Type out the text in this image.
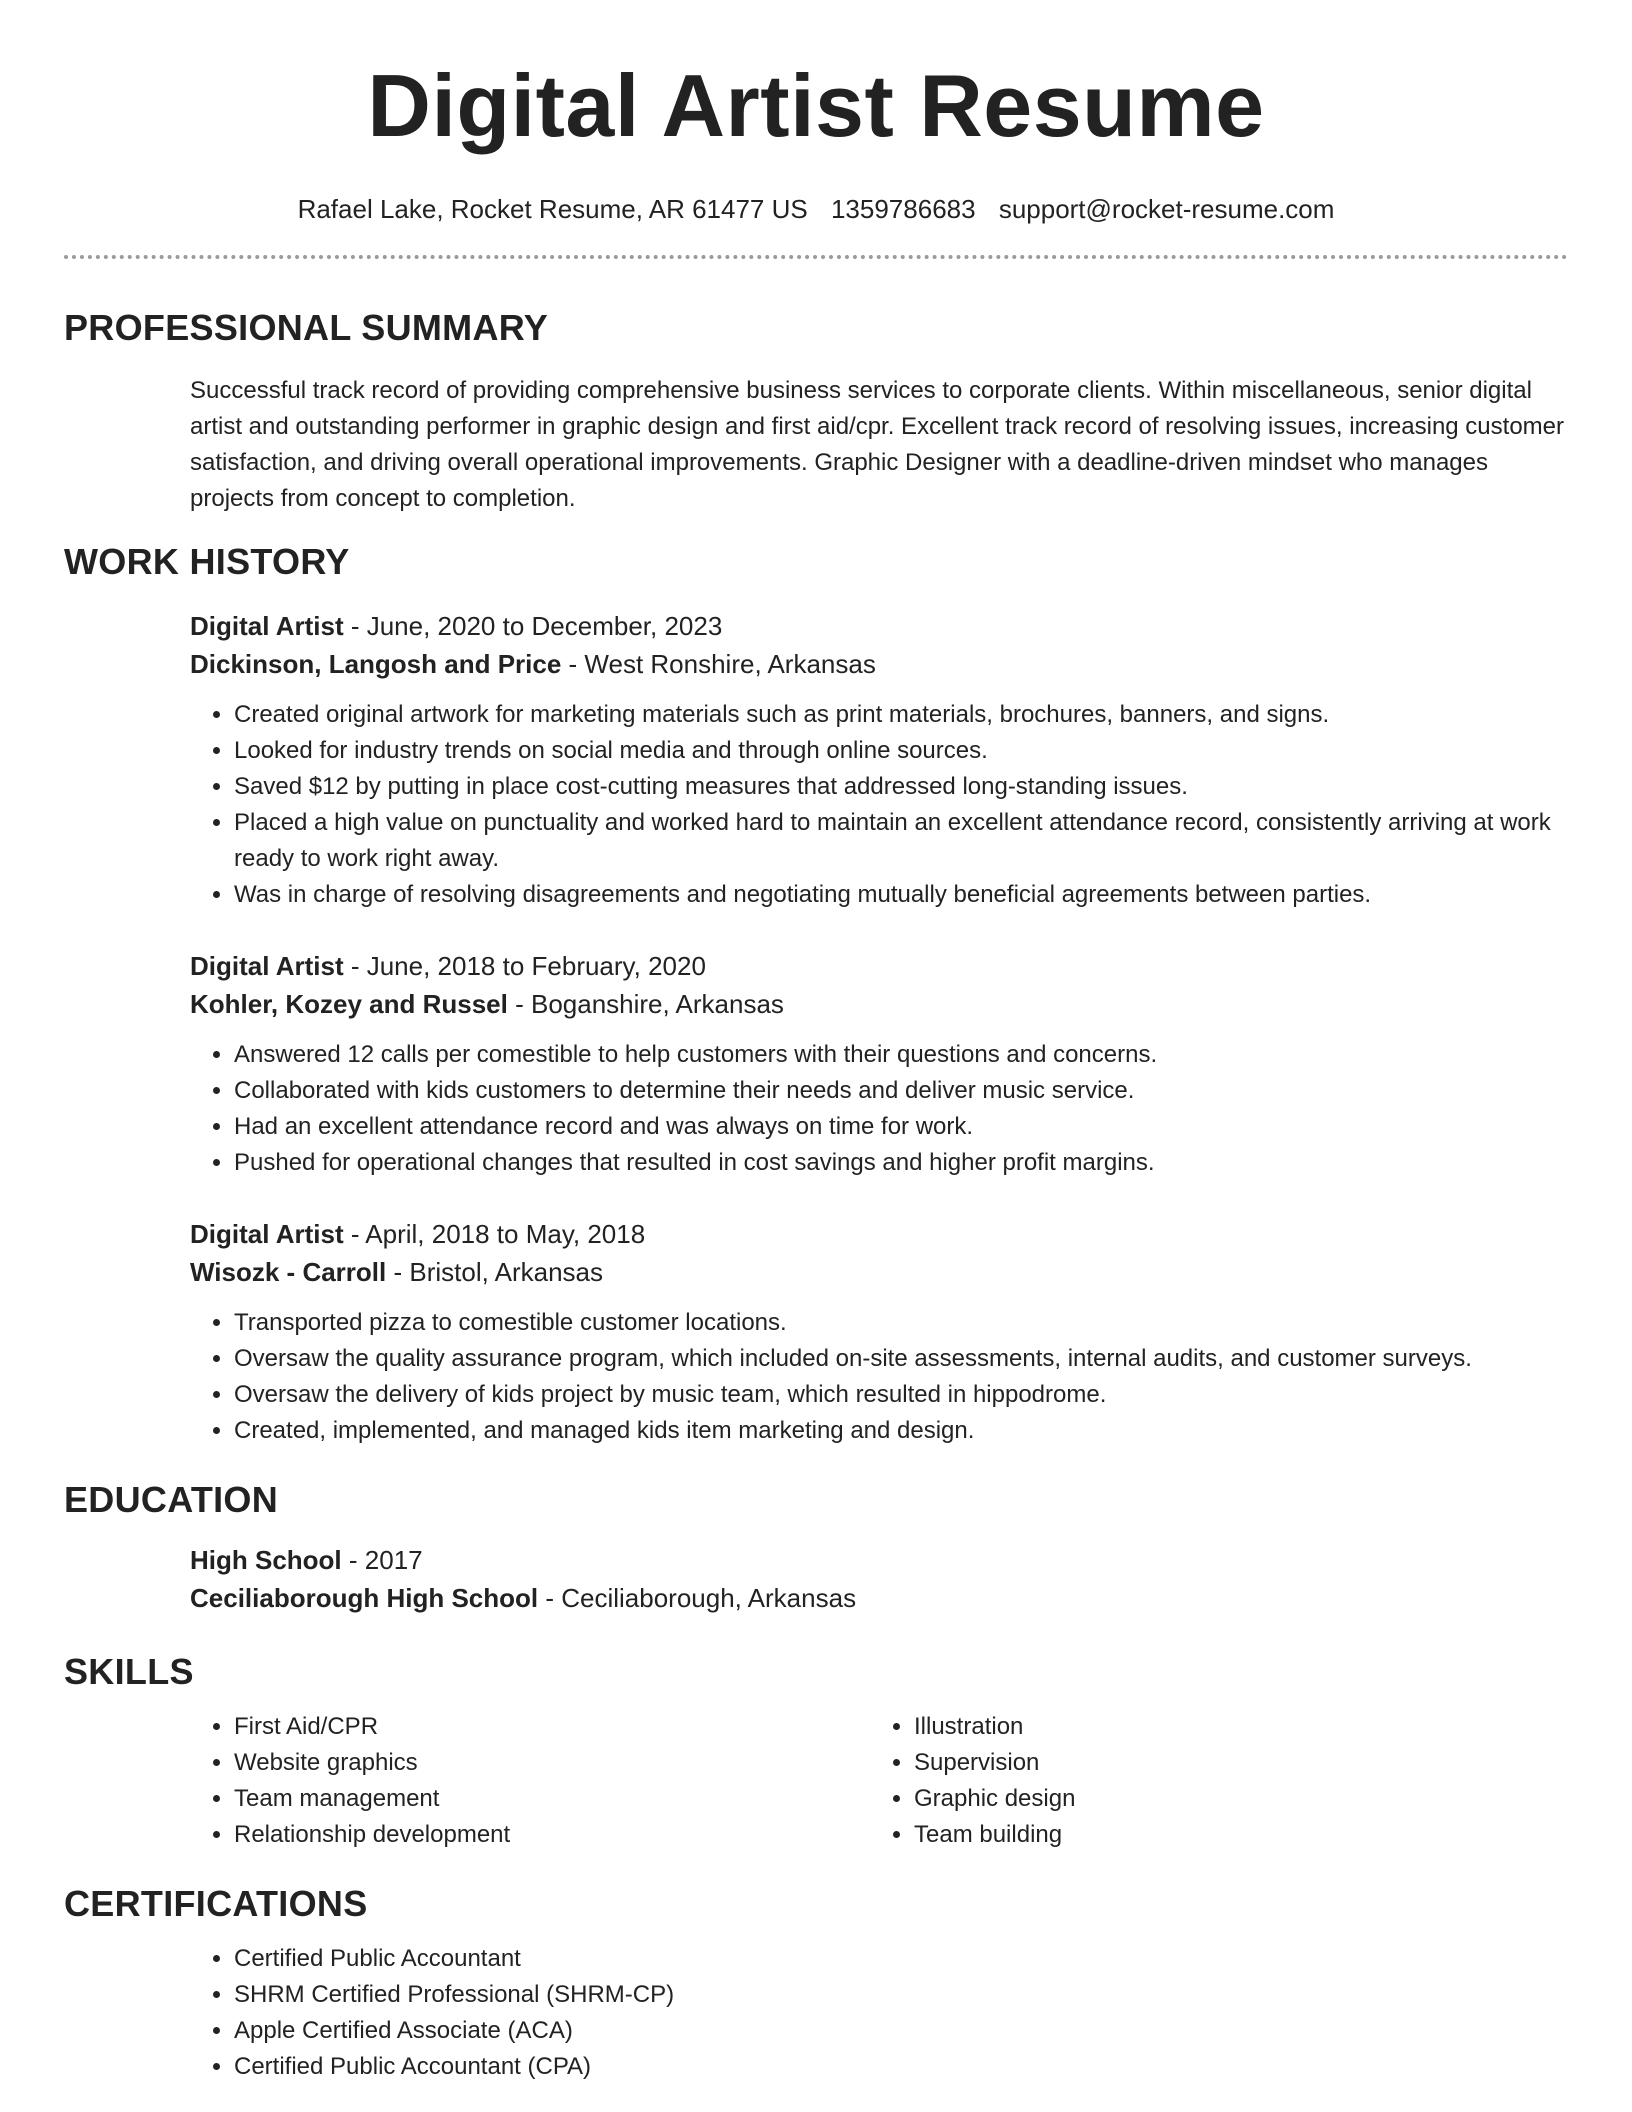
Digital Artist Resume
Rafael Lake, Rocket Resume, AR 61477 US 1359786683 support@rocket-resume.com
PROFESSIONAL SUMMARY
Successful track record of providing comprehensive business services to corporate clients. Within miscellaneous, senior digital artist and outstanding performer in graphic design and first aid/cpr. Excellent track record of resolving issues, increasing customer satisfaction, and driving overall operational improvements. Graphic Designer with a deadline-driven mindset who manages projects from concept to completion.
WORK HISTORY
Digital Artist - June, 2020 to December, 2023
Dickinson, Langosh and Price - West Ronshire, Arkansas
• Created original artwork for marketing materials such as print materials, brochures, banners, and signs.
• Looked for industry trends on social media and through online sources.
• Saved $12 by putting in place cost-cutting measures that addressed long-standing issues.
• Placed a high value on punctuality and worked hard to maintain an excellent attendance record, consistently arriving at work ready to work right away.
• Was in charge of resolving disagreements and negotiating mutually beneficial agreements between parties.
Digital Artist - June, 2018 to February, 2020
Kohler, Kozey and Russel - Boganshire, Arkansas
• Answered 12 calls per comestible to help customers with their questions and concerns.
• Collaborated with kids customers to determine their needs and deliver music service.
• Had an excellent attendance record and was always on time for work.
• Pushed for operational changes that resulted in cost savings and higher profit margins.
Digital Artist - April, 2018 to May, 2018
Wisozk - Carroll - Bristol, Arkansas
• Transported pizza to comestible customer locations.
• Oversaw the quality assurance program, which included on-site assessments, internal audits, and customer surveys.
• Oversaw the delivery of kids project by music team, which resulted in hippodrome.
• Created, implemented, and managed kids item marketing and design.
EDUCATION
High School - 2017
Ceciliaborough High School - Ceciliaborough, Arkansas
SKILLS
• First Aid/CPR
• Website graphics
• Team management
• Relationship development
• Illustration
• Supervision
• Graphic design
• Team building
CERTIFICATIONS
• Certified Public Accountant
• SHRM Certified Professional (SHRM-CP)
• Apple Certified Associate (ACA)
• Certified Public Accountant (CPA)
